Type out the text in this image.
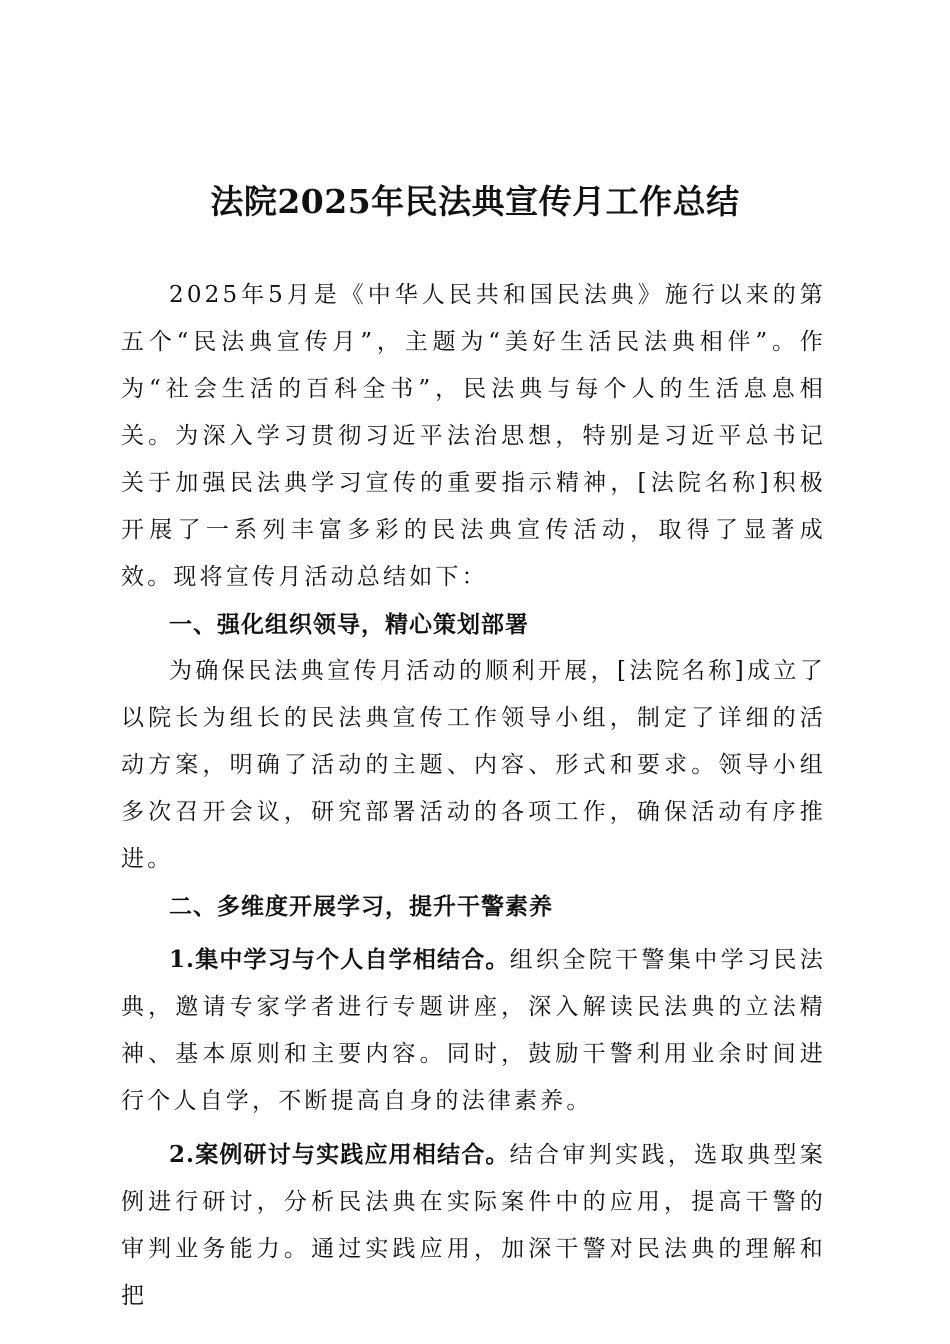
法院2025年民法典宣传月工作总结

2025年5月是《中华人民共和国民法典》施行以来的第五个“民法典宣传月”，主题为“美好生活民法典相伴”。作为“社会生活的百科全书”，民法典与每个人的生活息息相关。为深入学习贯彻习近平法治思想，特别是习近平总书记关于加强民法典学习宣传的重要指示精神，[法院名称]积极开展了一系列丰富多彩的民法典宣传活动，取得了显著成效。现将宣传月活动总结如下：

一、强化组织领导，精心策划部署

为确保民法典宣传月活动的顺利开展，[法院名称]成立了以院长为组长的民法典宣传工作领导小组，制定了详细的活动方案，明确了活动的主题、内容、形式和要求。领导小组多次召开会议，研究部署活动的各项工作，确保活动有序推进。

二、多维度开展学习，提升干警素养

1.集中学习与个人自学相结合。组织全院干警集中学习民法典，邀请专家学者进行专题讲座，深入解读民法典的立法精神、基本原则和主要内容。同时，鼓励干警利用业余时间进行个人自学，不断提高自身的法律素养。

2.案例研讨与实践应用相结合。结合审判实践，选取典型案例进行研讨，分析民法典在实际案件中的应用，提高干警的审判业务能力。通过实践应用，加深干警对民法典的理解和把
